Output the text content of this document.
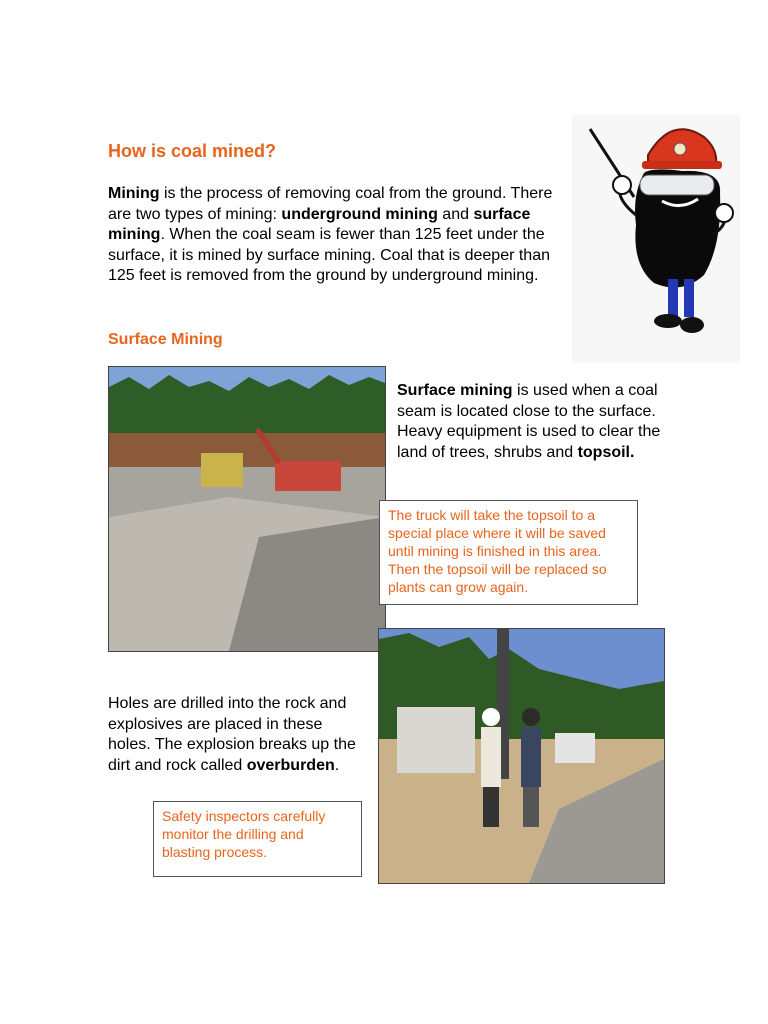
How is coal mined?
Mining is the process of removing coal from the ground. There are two types of mining: underground mining and surface mining. When the coal seam is fewer than 125 feet under the surface, it is mined by surface mining. Coal that is deeper than 125 feet is removed from the ground by underground mining.
Surface Mining
Surface mining is used when a coal seam is located close to the surface. Heavy equipment is used to clear the land of trees, shrubs and topsoil.
The truck will take the topsoil to a special place where it will be saved until mining is finished in this area. Then the topsoil will be replaced so plants can grow again.
Holes are drilled into the rock and explosives are placed in these holes. The explosion breaks up the dirt and rock called overburden.
Safety inspectors carefully monitor the drilling and blasting process.
